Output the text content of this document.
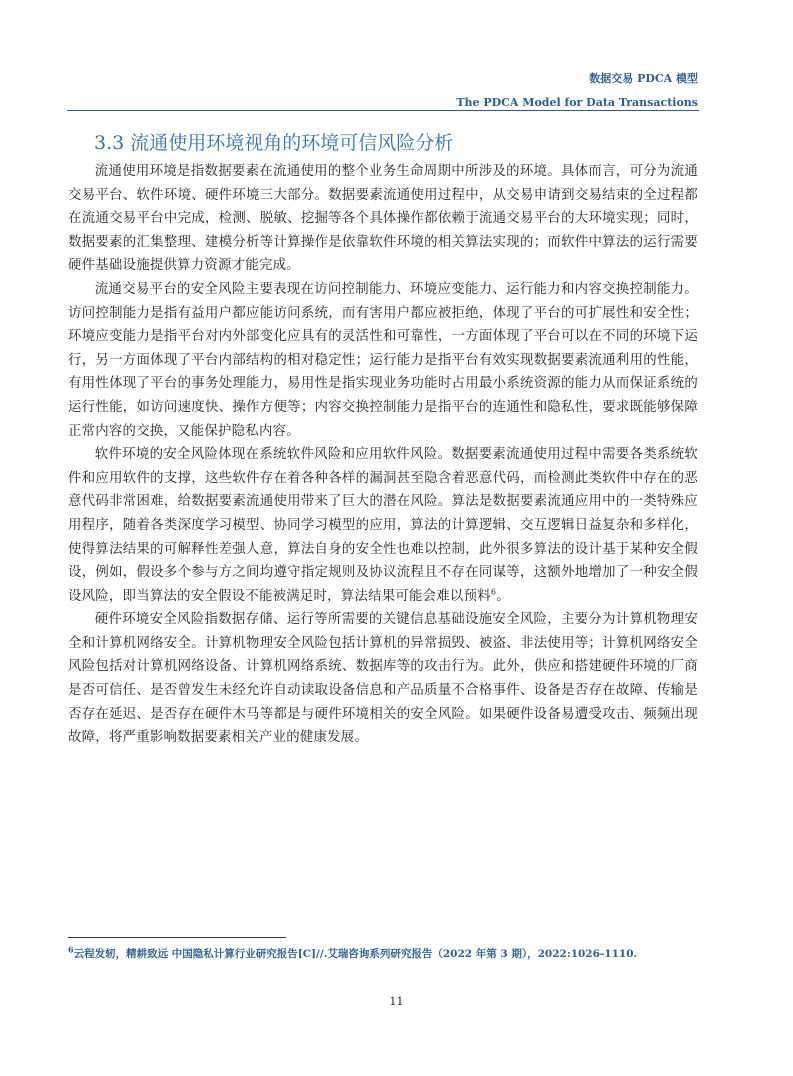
数据交易 PDCA 模型
The PDCA Model for Data Transactions
3.3 流通使用环境视角的环境可信风险分析

流通使用环境是指数据要素在流通使用的整个业务生命周期中所涉及的环境。具体而言，可分为流通交易平台、软件环境、硬件环境三大部分。数据要素流通使用过程中，从交易申请到交易结束的全过程都在流通交易平台中完成，检测、脱敏、挖掘等各个具体操作都依赖于流通交易平台的大环境实现；同时，数据要素的汇集整理、建模分析等计算操作是依靠软件环境的相关算法实现的；而软件中算法的运行需要硬件基础设施提供算力资源才能完成。

流通交易平台的安全风险主要表现在访问控制能力、环境应变能力、运行能力和内容交换控制能力。访问控制能力是指有益用户都应能访问系统，而有害用户都应被拒绝，体现了平台的可扩展性和安全性；环境应变能力是指平台对内外部变化应具有的灵活性和可靠性，一方面体现了平台可以在不同的环境下运行，另一方面体现了平台内部结构的相对稳定性；运行能力是指平台有效实现数据要素流通利用的性能，有用性体现了平台的事务处理能力，易用性是指实现业务功能时占用最小系统资源的能力从而保证系统的运行性能，如访问速度快、操作方便等；内容交换控制能力是指平台的连通性和隐私性，要求既能够保障正常内容的交换，又能保护隐私内容。

软件环境的安全风险体现在系统软件风险和应用软件风险。数据要素流通使用过程中需要各类系统软件和应用软件的支撑，这些软件存在着各种各样的漏洞甚至隐含着恶意代码，而检测此类软件中存在的恶意代码非常困难，给数据要素流通使用带来了巨大的潜在风险。算法是数据要素流通应用中的一类特殊应用程序，随着各类深度学习模型、协同学习模型的应用，算法的计算逻辑、交互逻辑日益复杂和多样化，使得算法结果的可解释性差强人意，算法自身的安全性也难以控制，此外很多算法的设计基于某种安全假设，例如，假设多个参与方之间均遵守指定规则及协议流程且不存在同谋等，这额外地增加了一种安全假设风险，即当算法的安全假设不能被满足时，算法结果可能会难以预料$^6$。

硬件环境安全风险指数据存储、运行等所需要的关键信息基础设施安全风险，主要分为计算机物理安全和计算机网络安全。计算机物理安全风险包括计算机的异常损毁、被盗、非法使用等；计算机网络安全风险包括对计算机网络设备、计算机网络系统、数据库等的攻击行为。此外，供应和搭建硬件环境的厂商是否可信任、是否曾发生未经允许自动读取设备信息和产品质量不合格事件、设备是否存在故障、传输是否存在延迟、是否存在硬件木马等都是与硬件环境相关的安全风险。如果硬件设备易遭受攻击、频频出现故障，将严重影响数据要素相关产业的健康发展。

$^6$云程发轫，精耕致远 中国隐私计算行业研究报告[C]//.艾瑞咨询系列研究报告（2022 年第 3 期），2022:1026-1110.

11
